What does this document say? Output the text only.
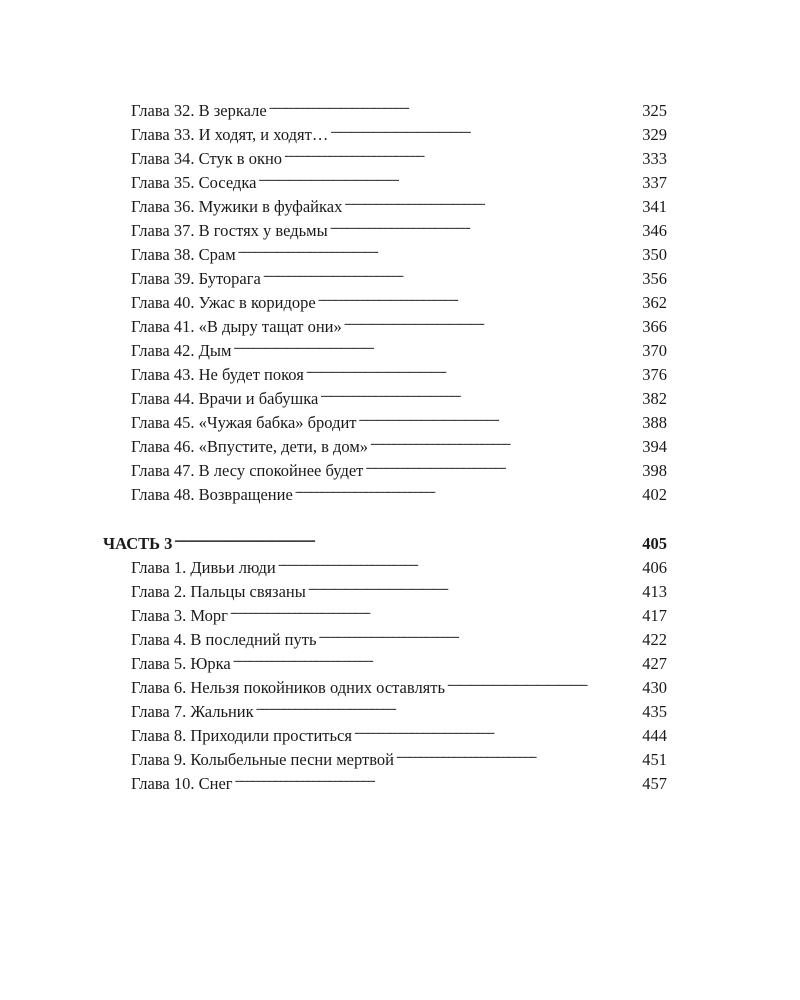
Глава 32. В зеркале . . .	325
Глава 33. И ходят, и ходят… . . .	329
Глава 34. Стук в окно . . .	333
Глава 35. Соседка . . .	337
Глава 36. Мужики в фуфайках . . .	341
Глава 37. В гостях у ведьмы . . .	346
Глава 38. Срам . . .	350
Глава 39. Буторага . . .	356
Глава 40. Ужас в коридоре . . .	362
Глава 41. «В дыру тащат они» . . .	366
Глава 42. Дым . . .	370
Глава 43. Не будет покоя . . .	376
Глава 44. Врачи и бабушка . . .	382
Глава 45. «Чужая бабка» бродит . . .	388
Глава 46. «Впустите, дети, в дом» . . .	394
Глава 47. В лесу спокойнее будет . . .	398
Глава 48. Возвращение . . .	402
ЧАСТЬ 3 . . .	405
Глава 1. Дивьи люди . . .	406
Глава 2. Пальцы связаны . . .	413
Глава 3. Морг . . .	417
Глава 4. В последний путь . . .	422
Глава 5. Юрка . . .	427
Глава 6. Нельзя покойников одних оставлять . . .	430
Глава 7. Жальник . . .	435
Глава 8. Приходили проститься . . .	444
Глава 9. Колыбельные песни мертвой . . .	451
Глава 10. Снег . . .	457
